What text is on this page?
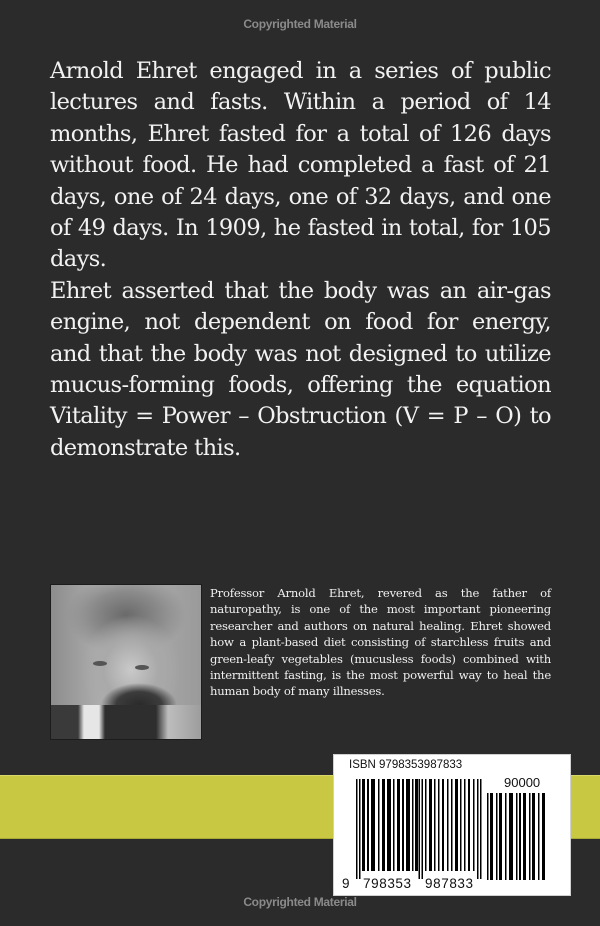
Copyrighted Material

Arnold Ehret engaged in a series of public lectures and fasts. Within a period of 14 months, Ehret fasted for a total of 126 days without food. He had completed a fast of 21 days, one of 24 days, one of 32 days, and one of 49 days. In 1909, he fasted in total, for 105 days.

Ehret asserted that the body was an air-gas engine, not dependent on food for energy, and that the body was not designed to utilize mucus-forming foods, offering the equation Vitality = Power – Obstruction (V = P – O) to demonstrate this.

Professor Arnold Ehret, revered as the father of naturopathy, is one of the most important pioneering researcher and authors on natural healing. Ehret showed how a plant-based diet consisting of starchless fruits and green-leafy vegetables (mucusless foods) combined with intermittent fasting, is the most powerful way to heal the human body of many illnesses.
ISBN 9798353987833
90000
9 798353 987833
Copyrighted Material
